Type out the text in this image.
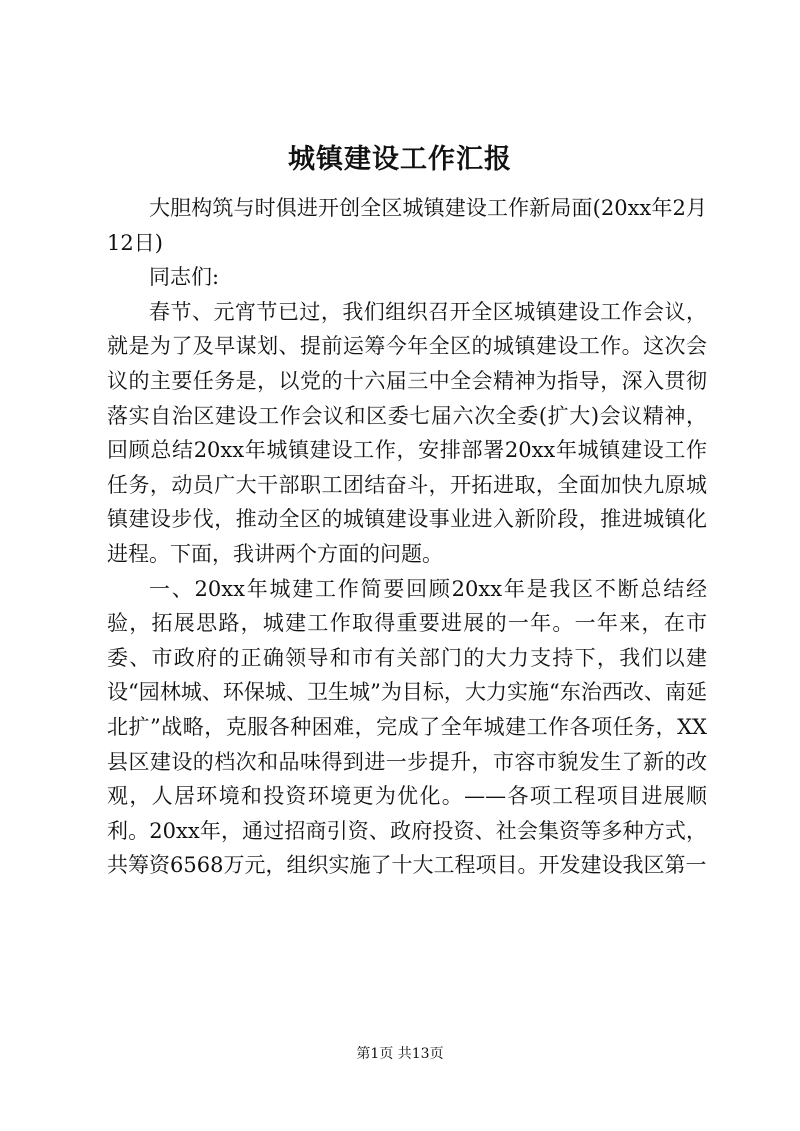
城镇建设工作汇报

大胆构筑与时俱进开创全区城镇建设工作新局面(20xx年2月12日)

同志们:

春节、元宵节已过，我们组织召开全区城镇建设工作会议，就是为了及早谋划、提前运筹今年全区的城镇建设工作。这次会议的主要任务是，以党的十六届三中全会精神为指导，深入贯彻落实自治区建设工作会议和区委七届六次全委(扩大)会议精神，回顾总结20xx年城镇建设工作，安排部署20xx年城镇建设工作任务，动员广大干部职工团结奋斗，开拓进取，全面加快九原城镇建设步伐，推动全区的城镇建设事业进入新阶段，推进城镇化进程。下面，我讲两个方面的问题。

一、20xx年城建工作简要回顾20xx年是我区不断总结经验，拓展思路，城建工作取得重要进展的一年。一年来，在市委、市政府的正确领导和市有关部门的大力支持下，我们以建设“园林城、环保城、卫生城”为目标，大力实施“东治西改、南延北扩”战略，克服各种困难，完成了全年城建工作各项任务，XX县区建设的档次和品味得到进一步提升，市容市貌发生了新的改观，人居环境和投资环境更为优化。——各项工程项目进展顺利。20xx年，通过招商引资、政府投资、社会集资等多种方式，共筹资6568万元，组织实施了十大工程项目。开发建设我区第一

第1页 共13页
